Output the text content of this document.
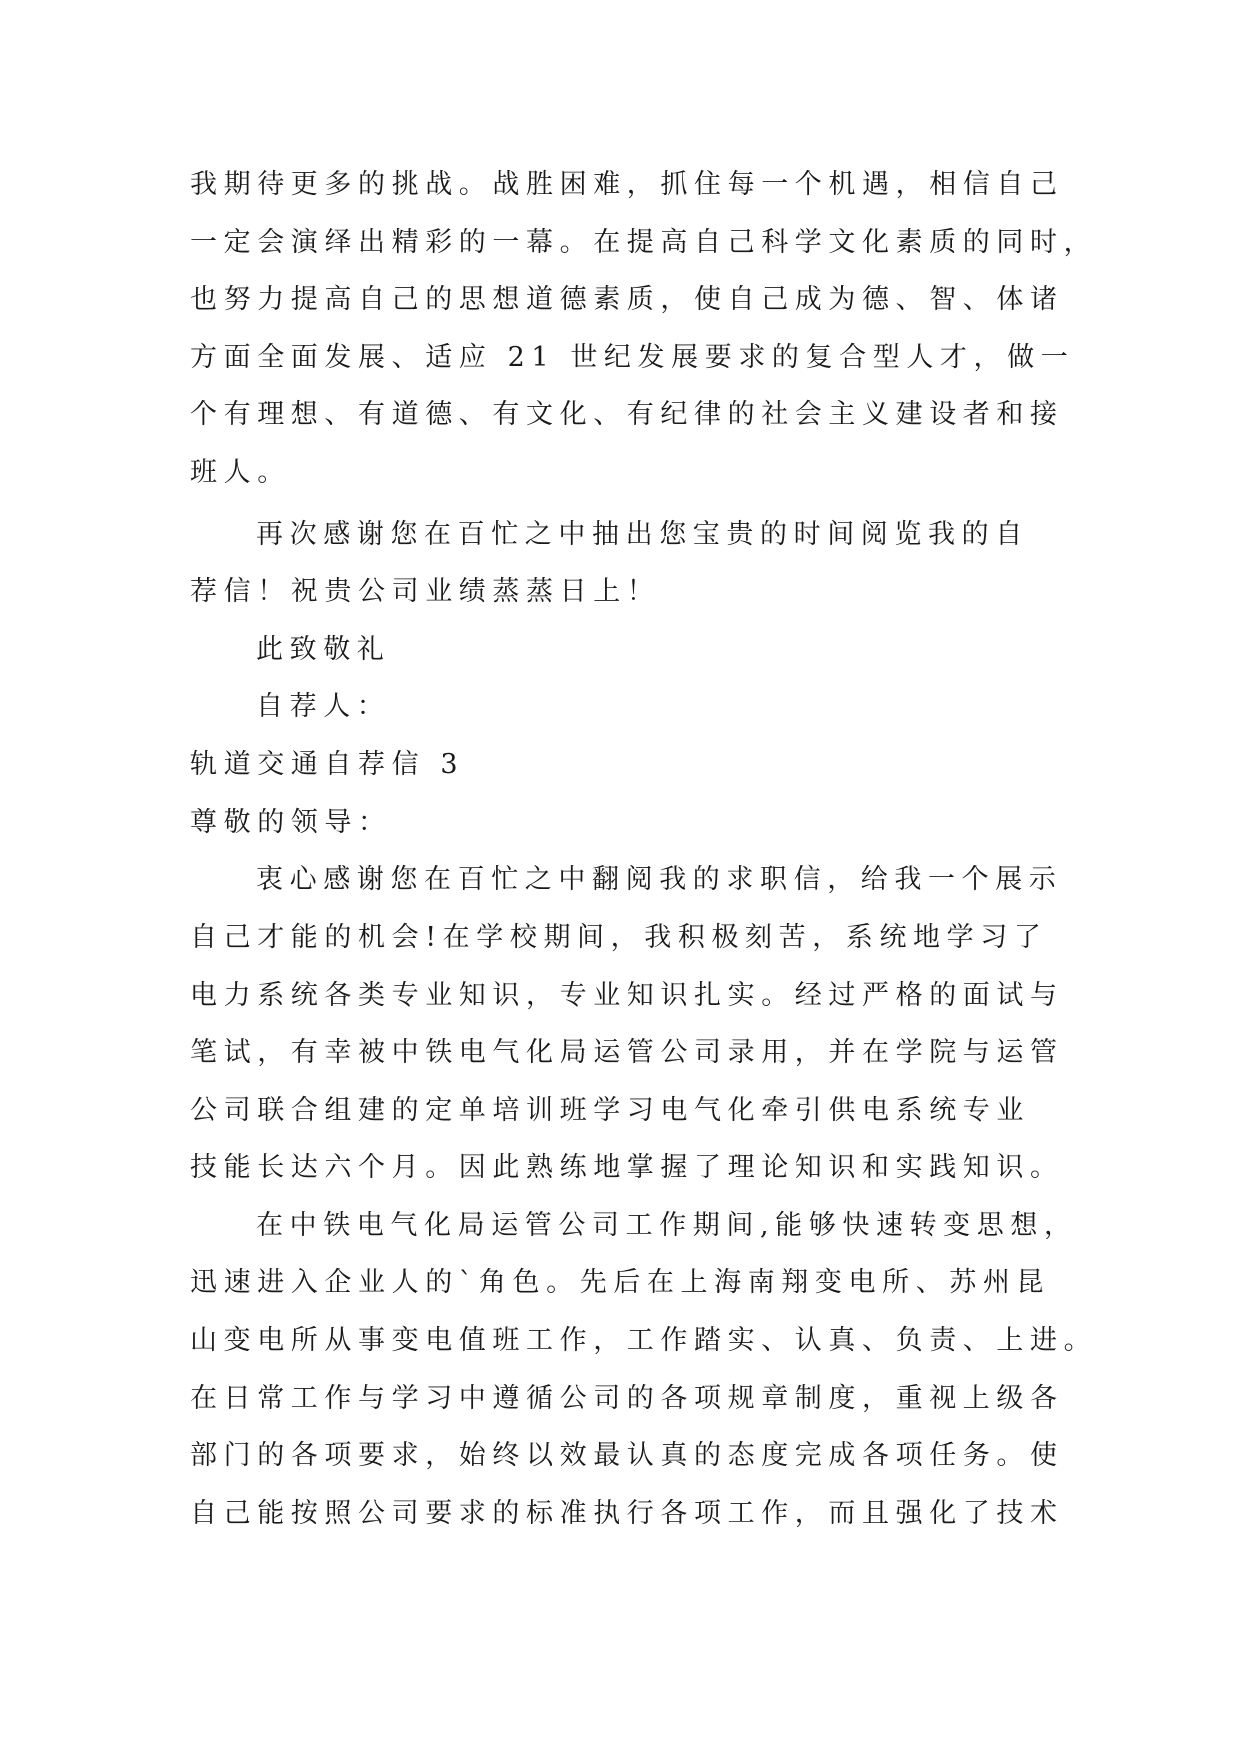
我期待更多的挑战。战胜困难，抓住每一个机遇，相信自己
一定会演绎出精彩的一幕。在提高自己科学文化素质的同时，
也努力提高自己的思想道德素质，使自己成为德、智、体诸
方面全面发展、适应 21 世纪发展要求的复合型人才，做一
个有理想、有道德、有文化、有纪律的社会主义建设者和接
班人。
再次感谢您在百忙之中抽出您宝贵的时间阅览我的自
荐信！祝贵公司业绩蒸蒸日上！
此致敬礼
自荐人：
轨道交通自荐信 3
尊敬的领导：
衷心感谢您在百忙之中翻阅我的求职信，给我一个展示
自己才能的机会!在学校期间，我积极刻苦，系统地学习了
电力系统各类专业知识，专业知识扎实。经过严格的面试与
笔试，有幸被中铁电气化局运管公司录用，并在学院与运管
公司联合组建的定单培训班学习电气化牵引供电系统专业
技能长达六个月。因此熟练地掌握了理论知识和实践知识。
在中铁电气化局运管公司工作期间,能够快速转变思想，
迅速进入企业人的`角色。先后在上海南翔变电所、苏州昆
山变电所从事变电值班工作，工作踏实、认真、负责、上进。
在日常工作与学习中遵循公司的各项规章制度，重视上级各
部门的各项要求，始终以效最认真的态度完成各项任务。使
自己能按照公司要求的标准执行各项工作，而且强化了技术
